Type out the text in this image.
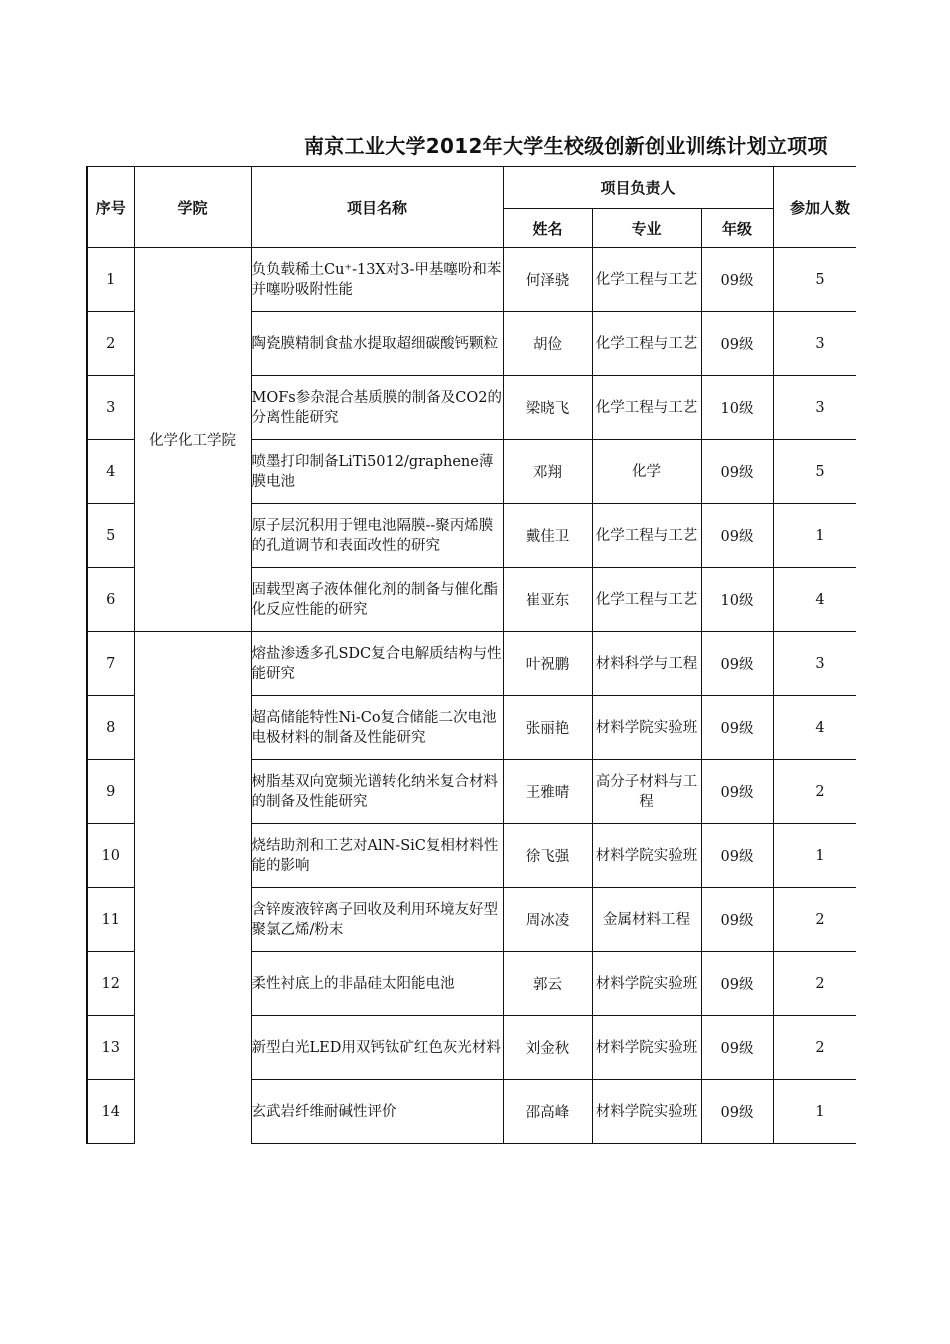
南京工业大学2012年大学生校级创新创业训练计划立项项
序号	学院	项目名称	项目负责人			参加人数
			姓名	专业	年级	
1	化学化工学院	负负载稀土Cu⁺-13X对3-甲基噻吩和苯并噻吩吸附性能	何泽骁	化学工程与工艺	09级	5
2		陶瓷膜精制食盐水提取超细碳酸钙颗粒	胡俭	化学工程与工艺	09级	3
3		MOFs参杂混合基质膜的制备及CO2的分离性能研究	梁晓飞	化学工程与工艺	10级	3
4		喷墨打印制备LiTi5012/graphene薄膜电池	邓翔	化学	09级	5
5		原子层沉积用于锂电池隔膜--聚丙烯膜的孔道调节和表面改性的研究	戴佳卫	化学工程与工艺	09级	1
6		固载型离子液体催化剂的制备与催化酯化反应性能的研究	崔亚东	化学工程与工艺	10级	4
7		熔盐渗透多孔SDC复合电解质结构与性能研究	叶祝鹏	材料科学与工程	09级	3
8		超高储能特性Ni-Co复合储能二次电池电极材料的制备及性能研究	张丽艳	材料学院实验班	09级	4
9		树脂基双向宽频光谱转化纳米复合材料的制备及性能研究	王雅晴	高分子材料与工程	09级	2
10		烧结助剂和工艺对AlN-SiC复相材料性能的影响	徐飞强	材料学院实验班	09级	1
11		含锌废液锌离子回收及利用环境友好型聚氯乙烯/粉末	周冰凌	金属材料工程	09级	2
12		柔性衬底上的非晶硅太阳能电池	郭云	材料学院实验班	09级	2
13		新型白光LED用双钙钛矿红色灰光材料	刘金秋	材料学院实验班	09级	2
14		玄武岩纤维耐碱性评价	邵高峰	材料学院实验班	09级	1
